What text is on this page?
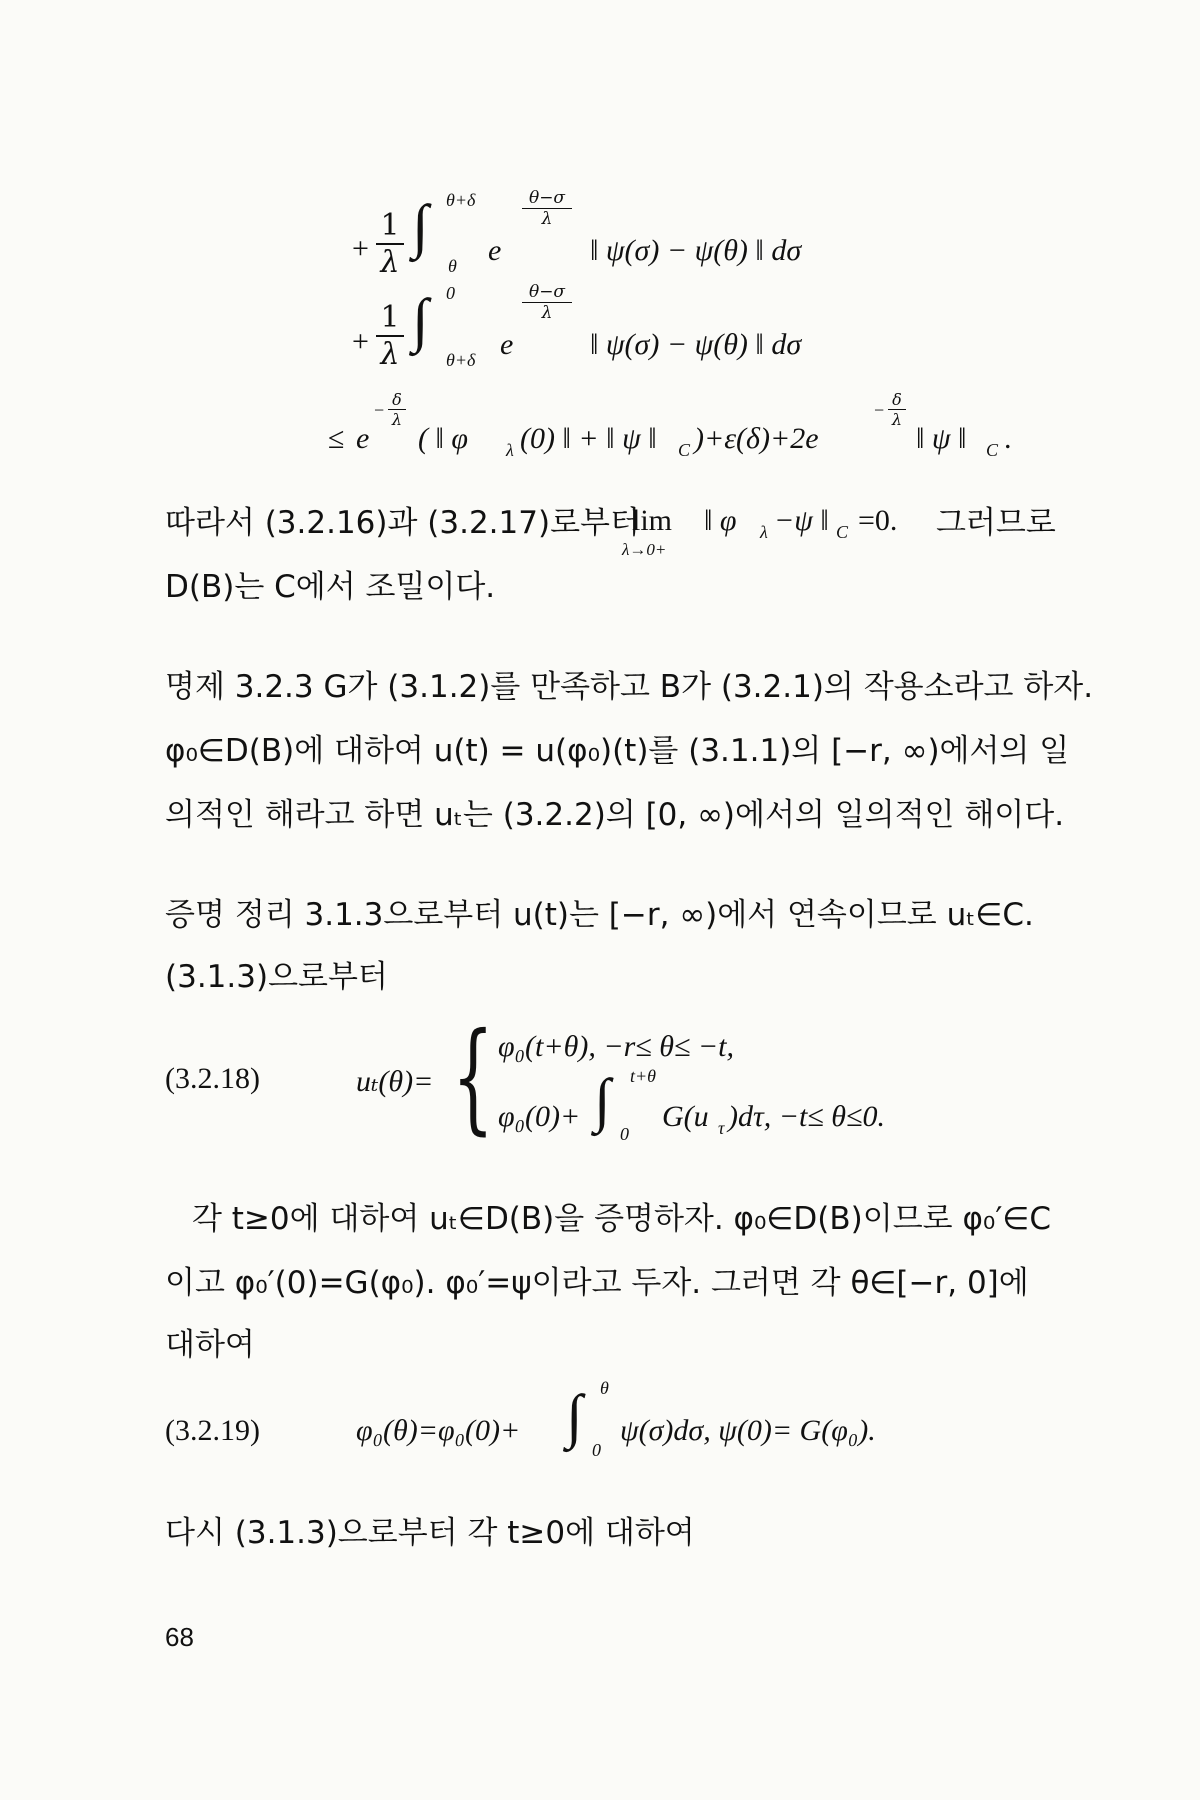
+
1
λ
∫ θ+δ
θ e
θ−σ
λ
‖ ψ(σ) − ψ(θ) ‖ dσ
+
1
λ
∫ 0
θ+δ e
θ−σ
λ
‖ ψ(σ) − ψ(θ) ‖ dσ
≤ e
−
δ
λ
( ‖ φ λ (0) ‖ + ‖ ψ ‖ C )+ε(δ)+2e
−
δ
λ
‖ ψ ‖ C .
따라서 (3.2.16)과 (3.2.17)로부터
lim
λ→0+
‖ φ λ −ψ ‖ C =0. 그러므로
D(B)는 C에서 조밀이다.
명제 3.2.3 G가 (3.1.2)를 만족하고 B가 (3.2.1)의 작용소라고 하자.
φ₀∈D(B)에 대하여 u(t) = u(φ₀)(t)를 (3.1.1)의 [−r, ∞)에서의 일
의적인 해라고 하면 uₜ는 (3.2.2)의 [0, ∞)에서의 일의적인 해이다.
증명 정리 3.1.3으로부터 u(t)는 [−r, ∞)에서 연속이므로 uₜ∈C.
(3.1.3)으로부터
(3.2.18)	uₜ(θ)= { φ₀(t+θ), −r≤ θ≤ −t,
φ₀(0)+ ∫ t+θ
0
G(u τ )dτ, −t≤ θ≤0.
각 t≥0에 대하여 uₜ∈D(B)을 증명하자. φ₀∈D(B)이므로 φ₀′∈C
이고 φ₀′(0)=G(φ₀). φ₀′=ψ이라고 두자. 그러면 각 θ∈[−r, 0]에
대하여
(3.2.19)	φ₀(θ)=φ₀(0)+ ∫ θ
0
ψ(σ)dσ, ψ(0)= G(φ₀).
다시 (3.1.3)으로부터 각 t≥0에 대하여
68
